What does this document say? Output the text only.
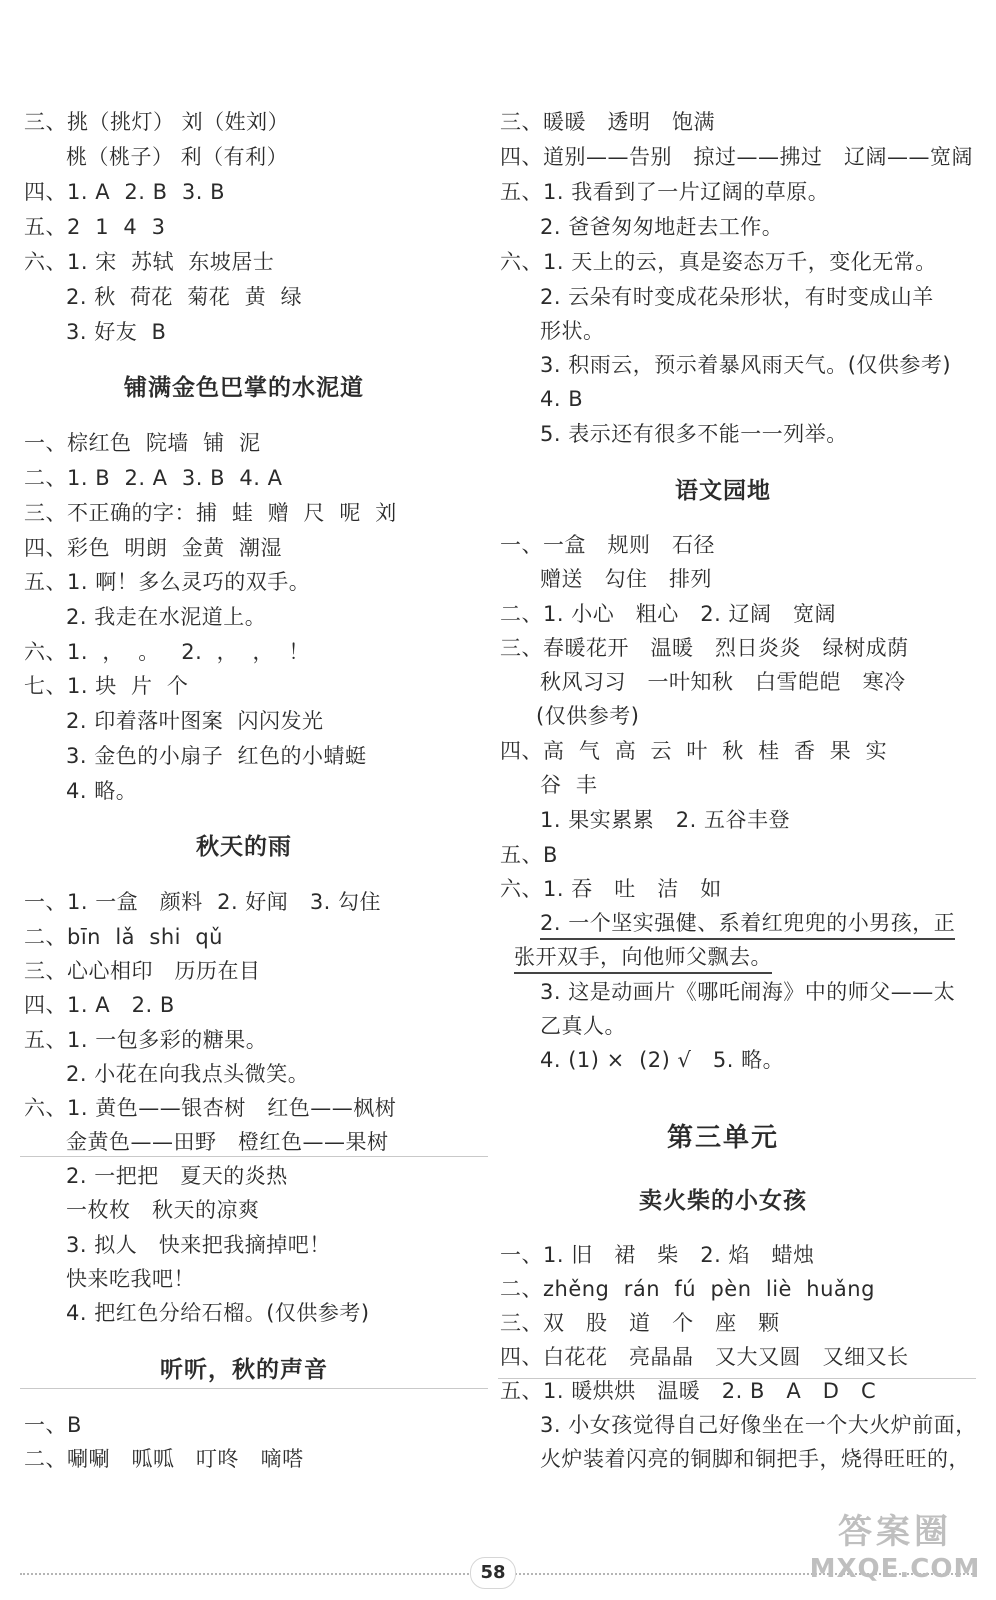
三、挑（挑灯） 刘（姓刘）
桃（桃子） 利（有利）
四、1. A  2. B  3. B
五、2  1  4  3
六、1. 宋  苏轼  东坡居士
2. 秋  荷花  菊花  黄  绿
3. 好友  B
铺满金色巴掌的水泥道
一、棕红色  院墙  铺  泥
二、1. B  2. A  3. B  4. A
三、不正确的字：捕  蛙  赠  尺  呢  刘
四、彩色  明朗  金黄  潮湿
五、1. 啊！多么灵巧的双手。
2. 我走在水泥道上。
六、1.  ，  。   2.  ，  ，  ！
七、1. 块  片  个
2. 印着落叶图案  闪闪发光
3. 金色的小扇子  红色的小蜻蜓
4. 略。
秋天的雨
一、1. 一盒   颜料  2. 好闻   3. 勾住
二、bīn  lǎ  shi  qǔ
三、心心相印   历历在目
四、1. A   2. B
五、1. 一包多彩的糖果。
2. 小花在向我点头微笑。
六、1. 黄色——银杏树   红色——枫树
金黄色——田野   橙红色——果树
2. 一把把   夏天的炎热
一枚枚   秋天的凉爽
3. 拟人   快来把我摘掉吧！
快来吃我吧！
4. 把红色分给石榴。(仅供参考)
听听，秋的声音
一、B
二、唰唰   呱呱   叮咚   嘀嗒
三、暖暖   透明   饱满
四、道别——告别   掠过——拂过   辽阔——宽阔
五、1. 我看到了一片辽阔的草原。
2. 爸爸匆匆地赶去工作。
六、1. 天上的云，真是姿态万千，变化无常。
2. 云朵有时变成花朵形状，有时变成山羊
形状。
3. 积雨云，预示着暴风雨天气。(仅供参考)
4. B
5. 表示还有很多不能一一列举。
语文园地
一、一盒   规则   石径
赠送   勾住   排列
二、1. 小心   粗心   2. 辽阔   宽阔
三、春暖花开   温暖   烈日炎炎   绿树成荫
秋风习习   一叶知秋   白雪皑皑   寒冷
(仅供参考)
四、高  气  高  云  叶  秋  桂  香  果  实
谷  丰
1. 果实累累   2. 五谷丰登
五、B
六、1. 吞   吐   洁   如
2. 一个坚实强健、系着红兜兜的小男孩，正
张开双手，向他师父飘去。
3. 这是动画片《哪吒闹海》中的师父——太
乙真人。
4. (1) ×  (2) √   5. 略。
第三单元
卖火柴的小女孩
一、1. 旧   裙   柴   2. 焰   蜡烛
二、zhěng  rán  fú  pèn  liè  huǎng
三、双   股   道   个   座   颗
四、白花花   亮晶晶   又大又圆   又细又长
五、1. 暖烘烘   温暖   2. B   A   D   C
3. 小女孩觉得自己好像坐在一个大火炉前面，
火炉装着闪亮的铜脚和铜把手，烧得旺旺的，
58
答案圈
MXQE.COM
